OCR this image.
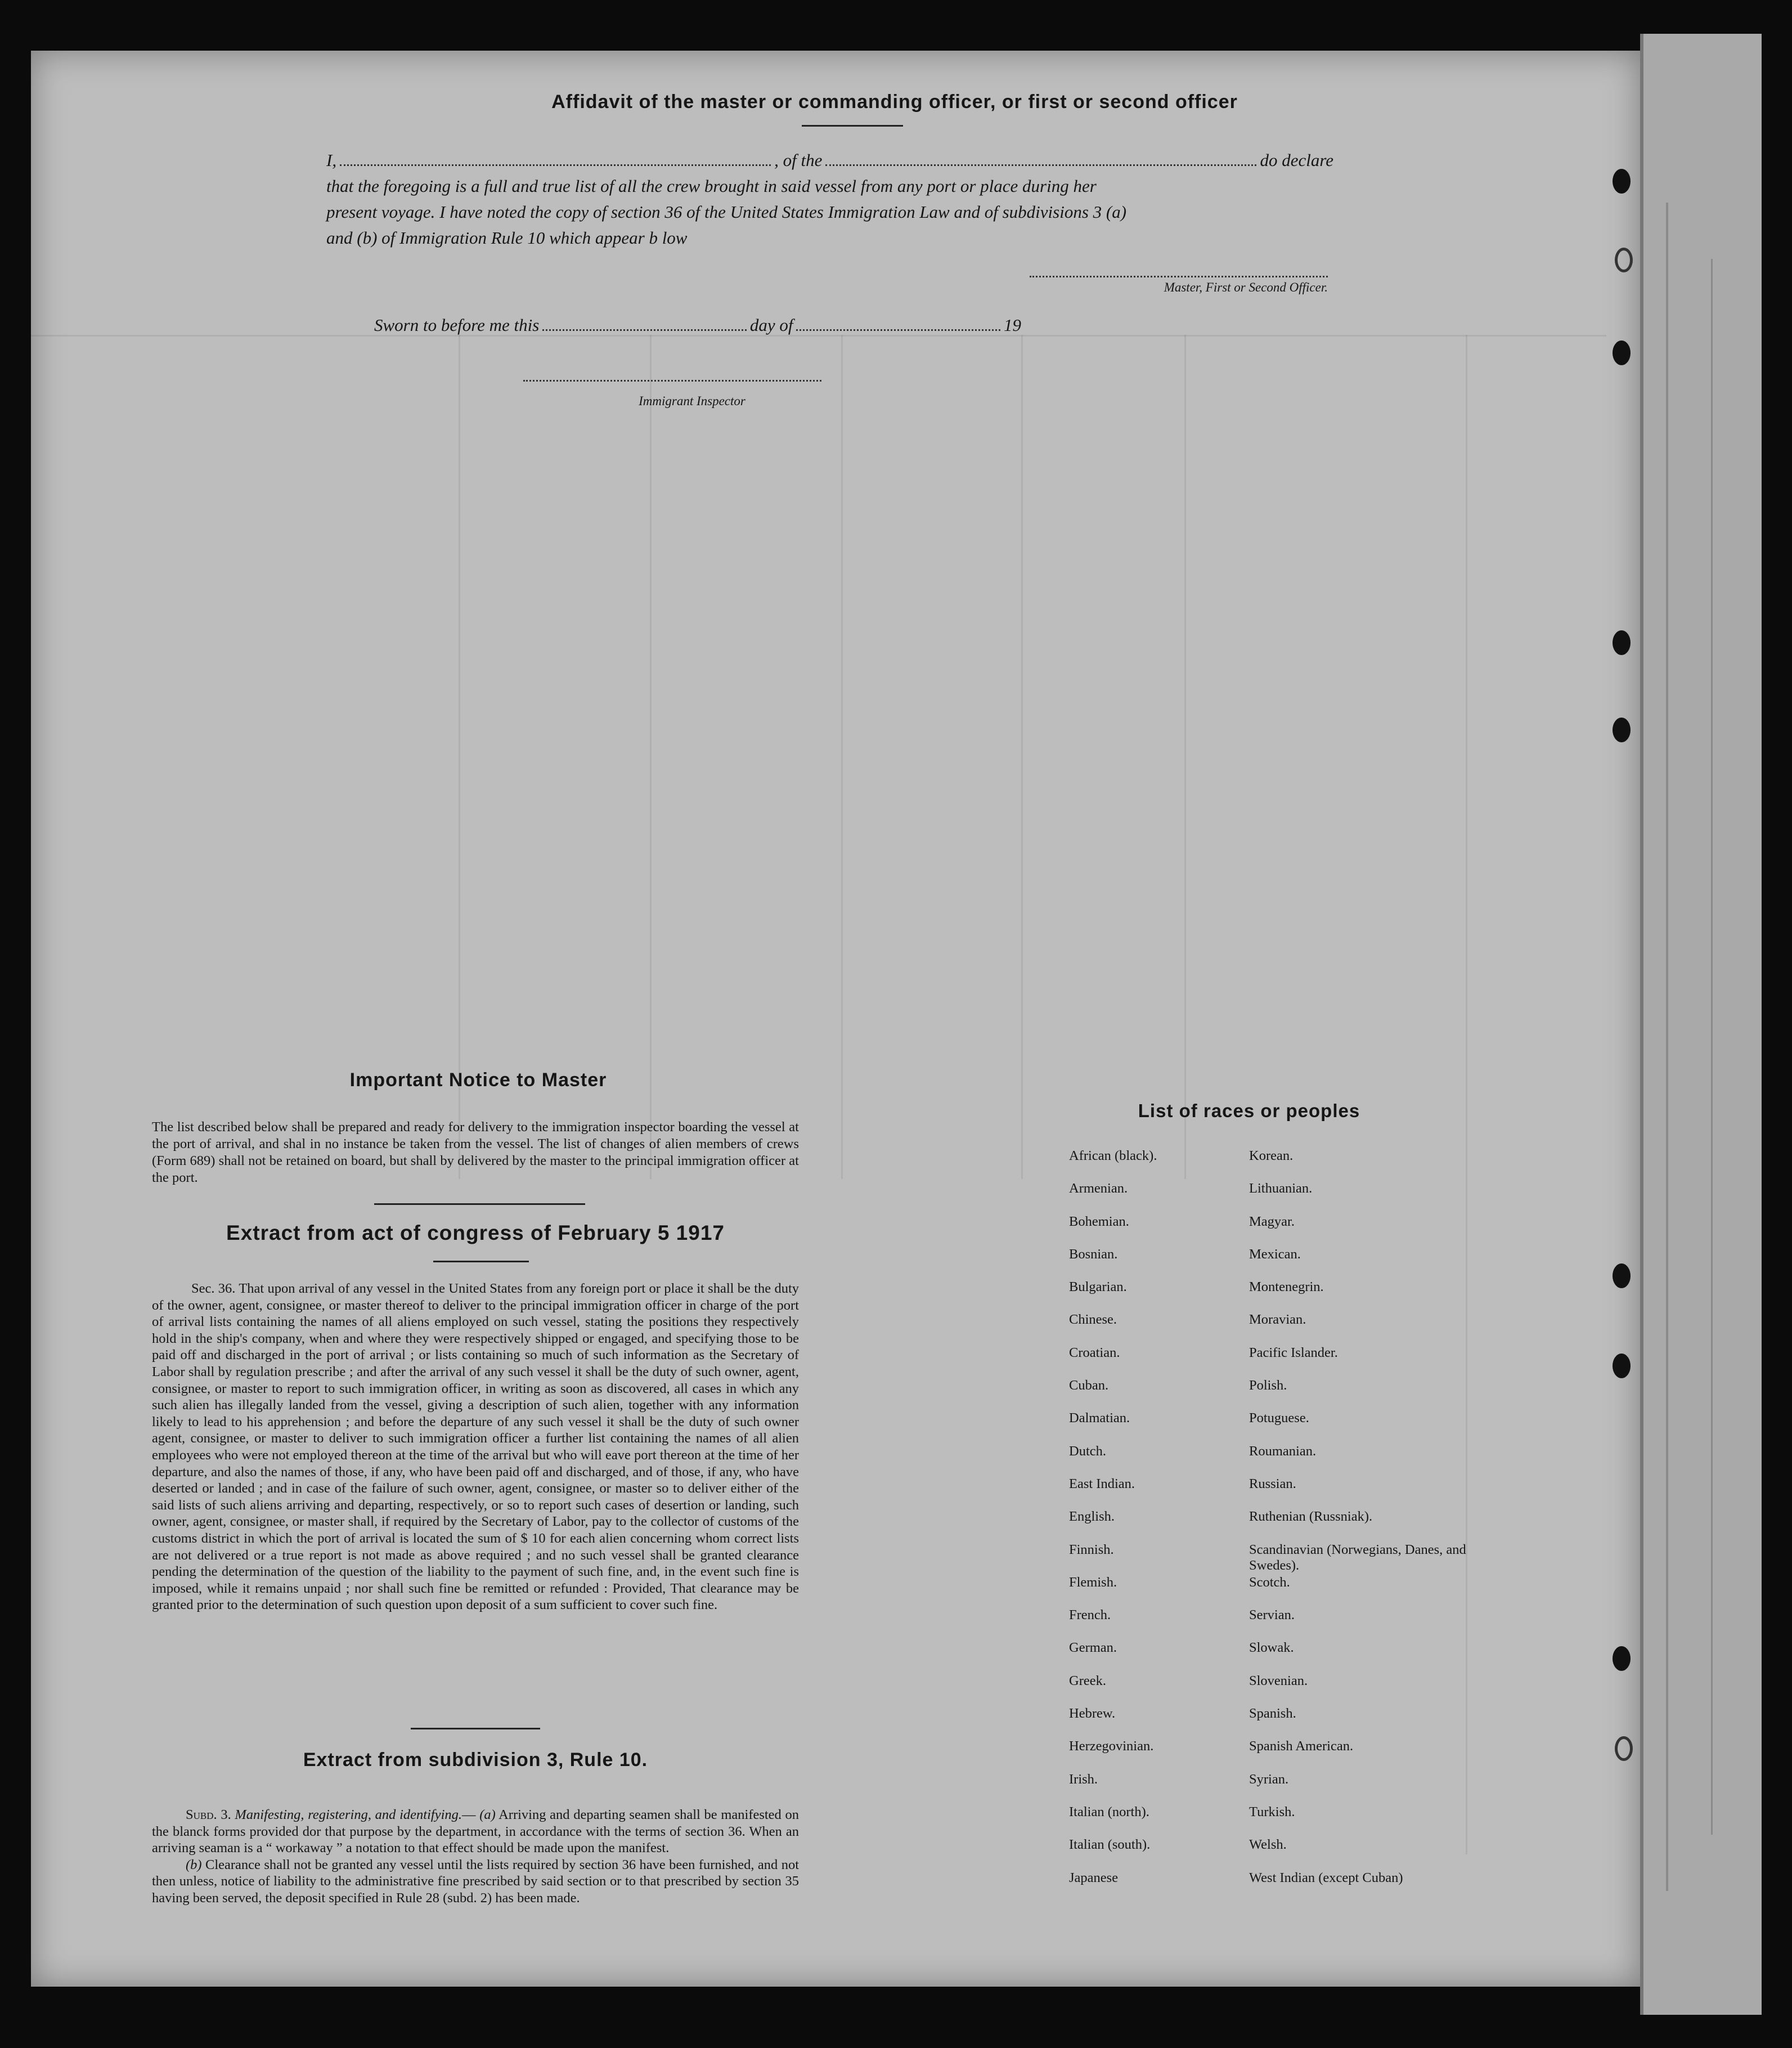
Affidavit of the master or commanding officer, or first or second officer
I,	, of the	do declare
that the foregoing is a full and true list of all the crew brought in said vessel from any port or place during her
present voyage. I have noted the copy of section 36 of the United States Immigration Law and of subdivisions 3 (a)
and (b) of Immigration Rule 10 which appear b low
Master, First or Second Officer.
Sworn to before me this	day of	19
Immigrant Inspector
Important Notice to Master
The list described below shall be prepared and ready for delivery to the immigration inspector boarding the vessel at the port of arrival, and shal in no instance be taken from the vessel. The list of changes of alien members of crews (Form 689) shall not be retained on board, but shall by delivered by the master to the principal immigration officer at the port.
Extract from act of congress of February 5 1917
Sec. 36. That upon arrival of any vessel in the United States from any foreign port or place it shall be the duty of the owner, agent, consignee, or master thereof to deliver to the principal immigration officer in charge of the port of arrival lists containing the names of all aliens employed on such vessel, stating the positions they respectively hold in the ship's company, when and where they were respectively shipped or engaged, and specifying those to be paid off and discharged in the port of arrival ; or lists containing so much of such information as the Secretary of Labor shall by regulation prescribe ; and after the arrival of any such vessel it shall be the duty of such owner, agent, consignee, or master to report to such immigration officer, in writing as soon as discovered, all cases in which any such alien has illegally landed from the vessel, giving a description of such alien, together with any information likely to lead to his apprehension ; and before the departure of any such vessel it shall be the duty of such owner agent, consignee, or master to deliver to such immigration officer a further list containing the names of all alien employees who were not employed thereon at the time of the arrival but who will eave port thereon at the time of her departure, and also the names of those, if any, who have been paid off and discharged, and of those, if any, who have deserted or landed ; and in case of the failure of such owner, agent, consignee, or master so to deliver either of the said lists of such aliens arriving and departing, respectively, or so to report such cases of desertion or landing, such owner, agent, consignee, or master shall, if required by the Secretary of Labor, pay to the collector of customs of the customs district in which the port of arrival is located the sum of $ 10 for each alien concerning whom correct lists are not delivered or a true report is not made as above required ; and no such vessel shall be granted clearance pending the determination of the question of the liability to the payment of such fine, and, in the event such fine is imposed, while it remains unpaid ; nor shall such fine be remitted or refunded : Provided, That clearance may be granted prior to the determination of such question upon deposit of a sum sufficient to cover such fine.
Extract from subdivision 3, Rule 10.

Subd. 3. Manifesting, registering, and identifying.— (a) Arriving and departing seamen shall be manifested on the blanck forms provided dor that purpose by the department, in accordance with the terms of section 36. When an arriving seaman is a “ workaway ” a notation to that effect should be made upon the manifest.

(b) Clearance shall not be granted any vessel until the lists required by section 36 have been furnished, and not then unless, notice of liability to the administrative fine prescribed by said section or to that prescribed by section 35 having been served, the deposit specified in Rule 28 (subd. 2) has been made.

List of races or peoples
African (black).	Korean.
Armenian.	Lithuanian.
Bohemian.	Magyar.
Bosnian.	Mexican.
Bulgarian.	Montenegrin.
Chinese.	Moravian.
Croatian.	Pacific Islander.
Cuban.	Polish.
Dalmatian.	Potuguese.
Dutch.	Roumanian.
East Indian.	Russian.
English.	Ruthenian (Russniak).
Finnish.	Scandinavian (Norwegians, Danes, and Swedes).
Flemish.	Scotch.
French.	Servian.
German.	Slowak.
Greek.	Slovenian.
Hebrew.	Spanish.
Herzegovinian.	Spanish American.
Irish.	Syrian.
Italian (north).	Turkish.
Italian (south).	Welsh.
Japanese	West Indian (except Cuban)
